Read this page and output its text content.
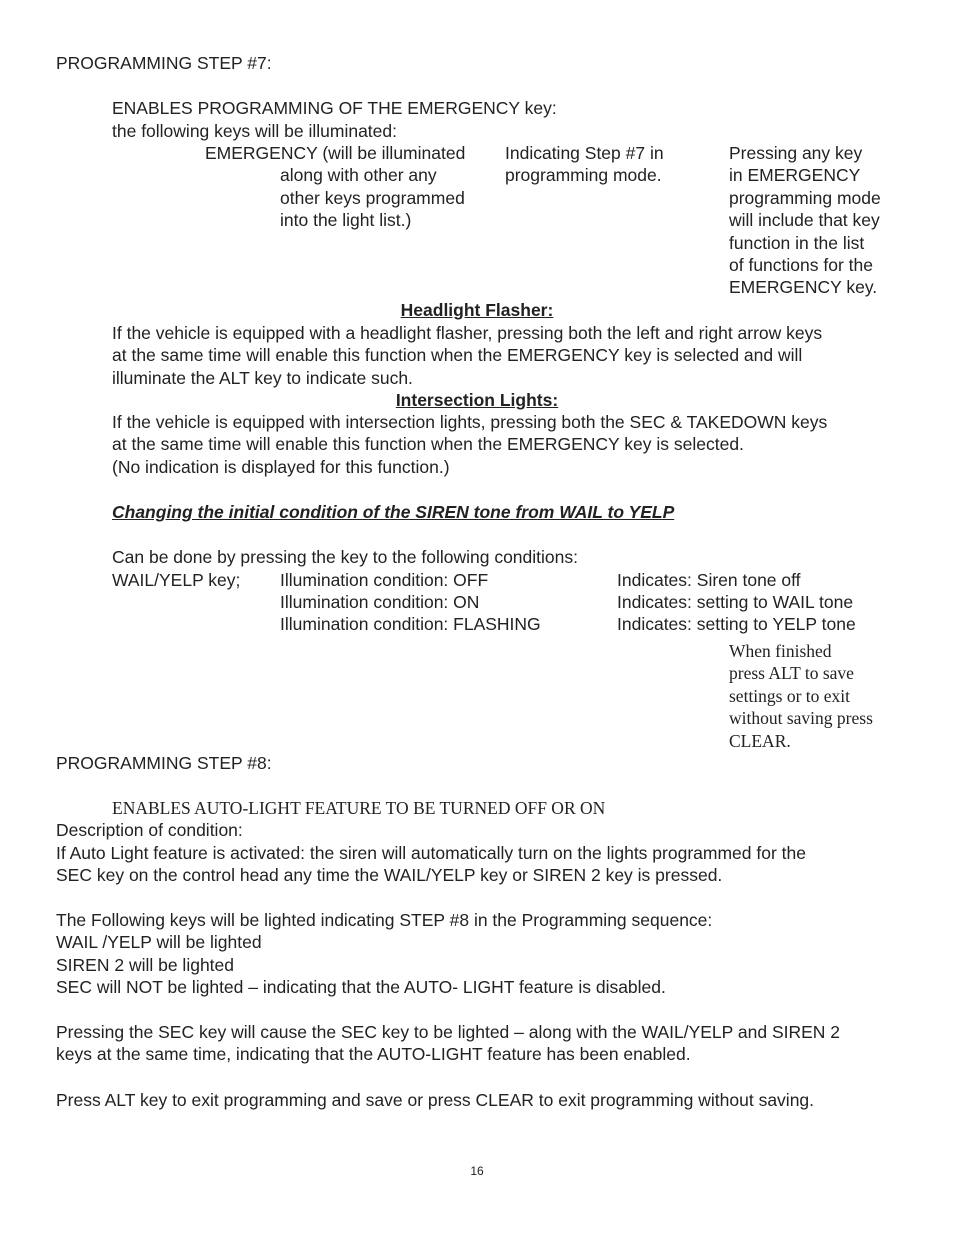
PROGRAMMING STEP #7:
ENABLES PROGRAMMING OF THE EMERGENCY key:
the following keys will be illuminated:
EMERGENCY (will be illuminated
along with other any
other keys programmed
into the light list.)
Indicating Step #7 in
programming mode.
Pressing any key
in EMERGENCY
programming mode
will include that key
function in the list
of functions for the
EMERGENCY key.
Headlight Flasher:
If the vehicle is equipped with a headlight flasher, pressing both the left and right arrow keys
at the same time will enable this function when the EMERGENCY key is selected and will
illuminate the ALT key to indicate such.
Intersection Lights:
If the vehicle is equipped with intersection lights, pressing both the SEC & TAKEDOWN keys
at the same time will enable this function when the EMERGENCY key is selected.
(No indication is displayed for this function.)
Changing the initial condition of the SIREN tone from WAIL to YELP
Can be done by pressing the key to the following conditions:
WAIL/YELP key; Illumination condition: OFF
Illumination condition: ON
Illumination condition: FLASHING
Indicates: Siren tone off
Indicates: setting to WAIL tone
Indicates: setting to YELP tone
When finished
press ALT to save
settings or to exit
without saving press
CLEAR.
PROGRAMMING STEP #8:
ENABLES AUTO-LIGHT FEATURE TO BE TURNED OFF OR ON
Description of condition:
If Auto Light feature is activated: the siren will automatically turn on the lights programmed for the
SEC key on the control head any time the WAIL/YELP key or SIREN 2 key is pressed.
The Following keys will be lighted indicating STEP #8 in the Programming sequence:
WAIL /YELP will be lighted
SIREN 2 will be lighted
SEC will NOT be lighted – indicating that the AUTO- LIGHT feature is disabled.
Pressing the SEC key will cause the SEC key to be lighted – along with the WAIL/YELP and SIREN 2
keys at the same time, indicating that the AUTO-LIGHT feature has been enabled.
Press ALT key to exit programming and save or press CLEAR to exit programming without saving.
16
